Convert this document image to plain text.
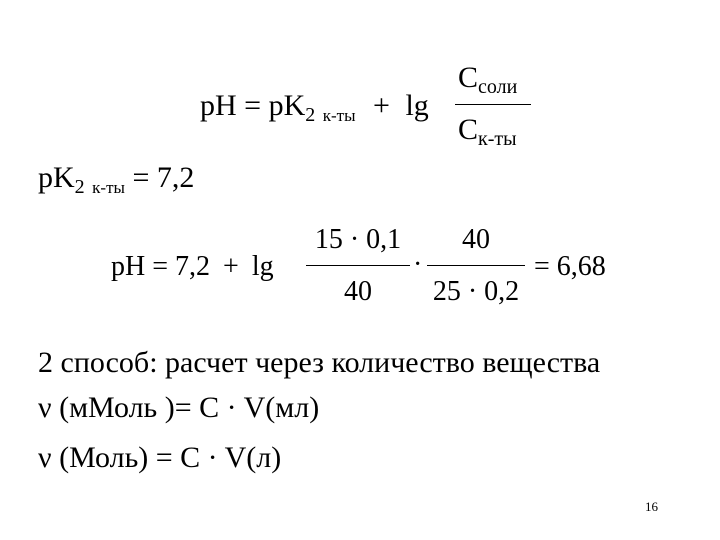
pH = $pK_2$ $_{к-ты}$ + lg
$C_{соли}$
$C_{к-ты}$
$pK_2$ $_{к-ты}$ = 7,2
pH = 7,2 + lg
15 · 0,1
40
·
40
25 · 0,2
= 6,68
2 способ: расчет через количество вещества
ν (мМоль )= C · V(мл)
ν (Моль) = C · V(л)
16
